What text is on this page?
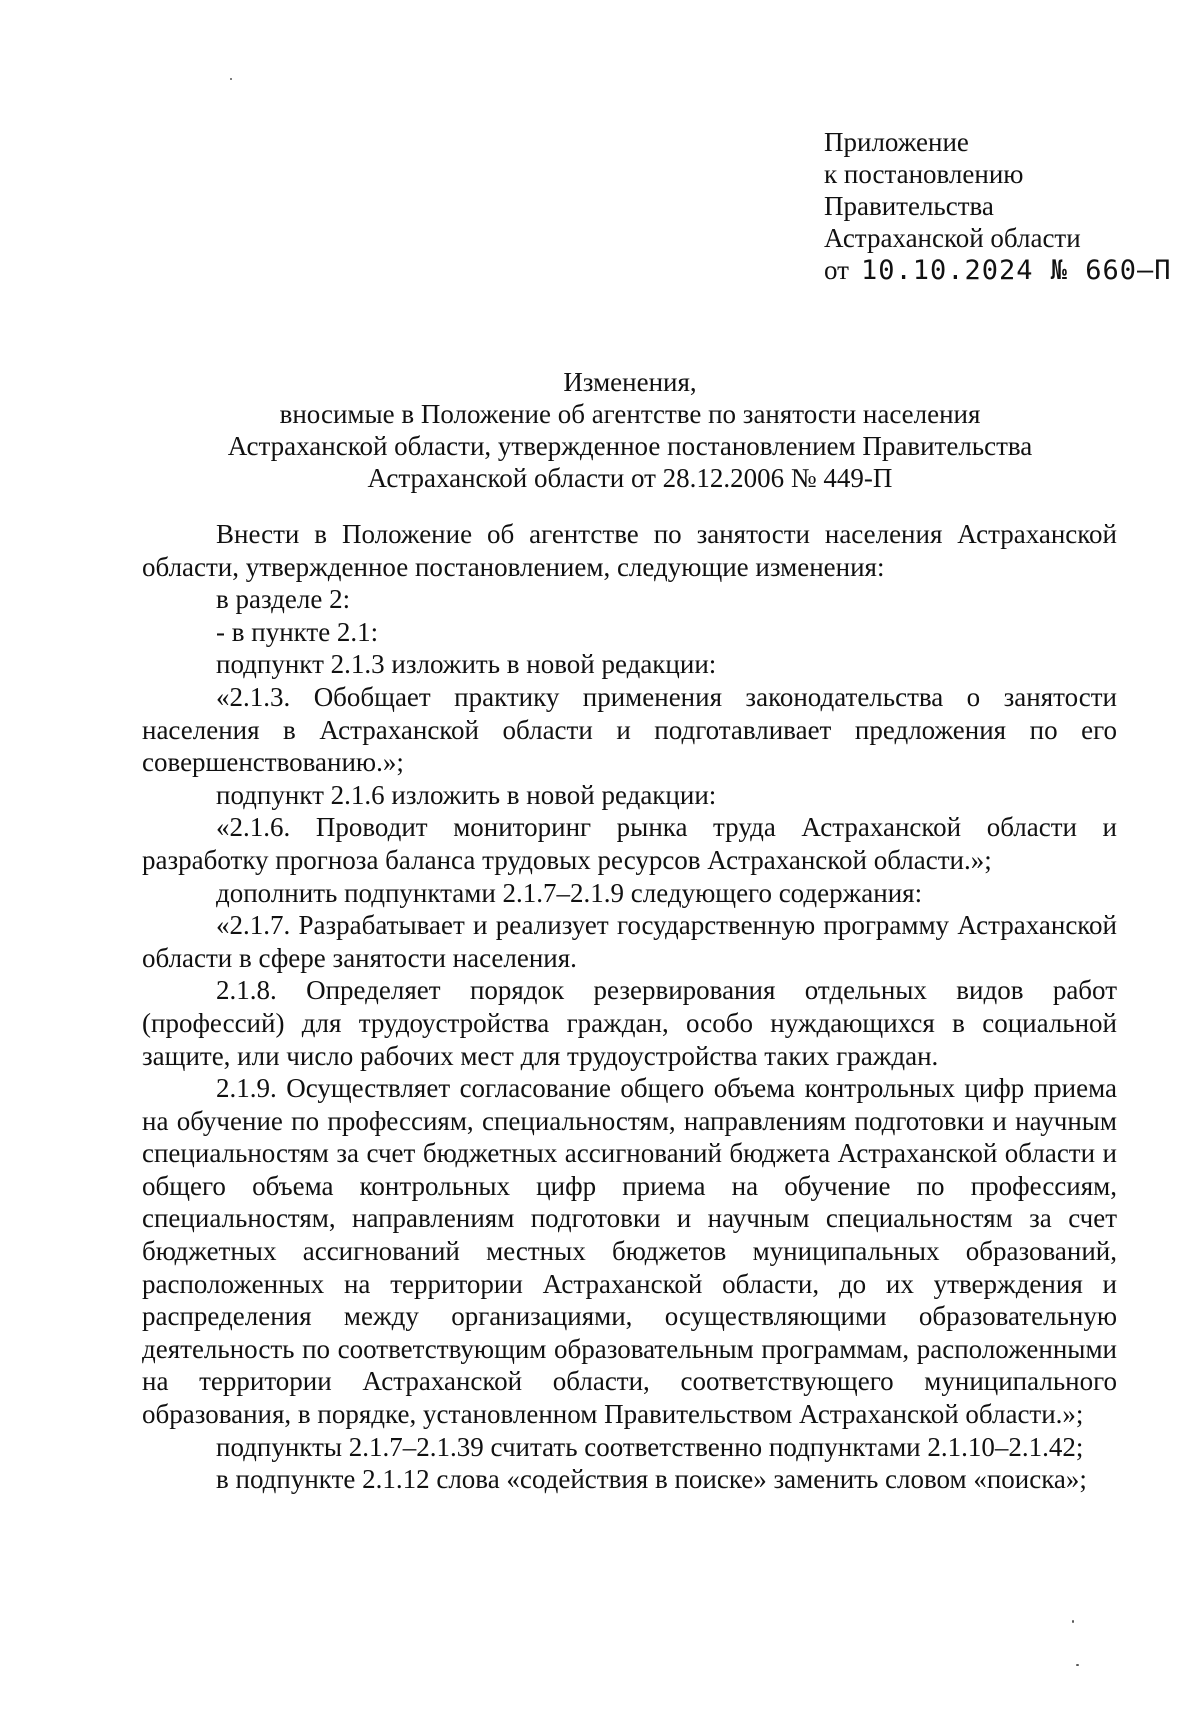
Приложение
к постановлению
Правительства
Астраханской области
от 10.10.2024 № 660–П
Изменения,
вносимые в Положение об агентстве по занятости населения
Астраханской области, утвержденное постановлением Правительства
Астраханской области от 28.12.2006 № 449-П

Внести в Положение об агентстве по занятости населения Астраханской области, утвержденное постановлением, следующие изменения:

в разделе 2:

- в пункте 2.1:

подпункт 2.1.3 изложить в новой редакции:

«2.1.3. Обобщает практику применения законодательства о занятости населения в Астраханской области и подготавливает предложения по его совершенствованию.»;

подпункт 2.1.6 изложить в новой редакции:

«2.1.6. Проводит мониторинг рынка труда Астраханской области и разработку прогноза баланса трудовых ресурсов Астраханской области.»;

дополнить подпунктами 2.1.7–2.1.9 следующего содержания:

«2.1.7. Разрабатывает и реализует государственную программу Астраханской области в сфере занятости населения.

2.1.8. Определяет порядок резервирования отдельных видов работ (профессий) для трудоустройства граждан, особо нуждающихся в социальной защите, или число рабочих мест для трудоустройства таких граждан.

2.1.9. Осуществляет согласование общего объема контрольных цифр приема на обучение по профессиям, специальностям, направлениям подготовки и научным специальностям за счет бюджетных ассигнований бюджета Астраханской области и общего объема контрольных цифр приема на обучение по профессиям, специальностям, направлениям подготовки и научным специальностям за счет бюджетных ассигнований местных бюджетов муниципальных образований, расположенных на территории Астраханской области, до их утверждения и распределения между организациями, осуществляющими образовательную деятельность по соответствующим образовательным программам, расположенными на территории Астраханской области, соответствующего муниципального образования, в порядке, установленном Правительством Астраханской области.»;

подпункты 2.1.7–2.1.39 считать соответственно подпунктами 2.1.10–2.1.42;

в подпункте 2.1.12 слова «содействия в поиске» заменить словом «поиска»;
